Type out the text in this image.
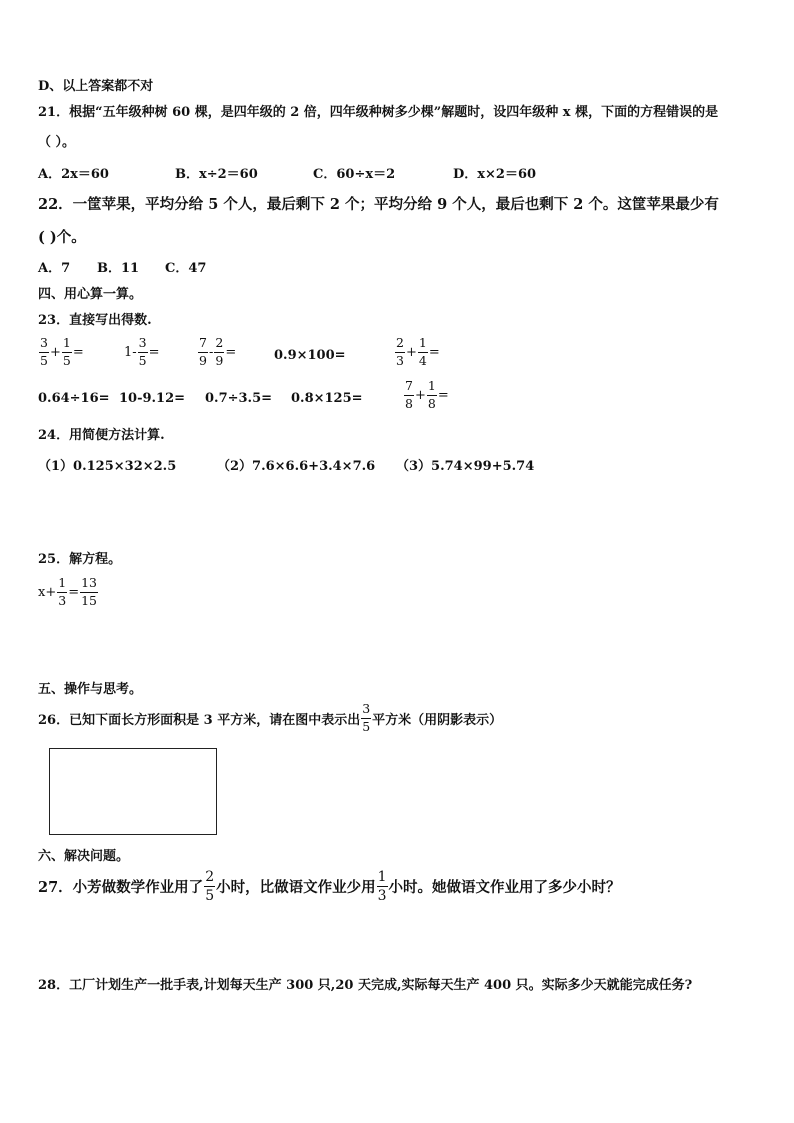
D、以上答案都不对
21．根据“五年级种树 60 棵，是四年级的 2 倍，四年级种树多少棵”解题时，设四年级种 x 棵，下面的方程错误的是
（ ）。
A．2x＝60	B．x÷2＝60	C．60÷x＝2	D．x×2＝60
22．一筐苹果，平均分给 5 个人，最后剩下 2 个；平均分给 9 个人，最后也剩下 2 个。这筐苹果最少有
( )个。
A．7 B．11 C．47
四、用心算一算。
23．直接写出得数.
$\frac{3}{5} + \frac{1}{5}$ =	$1- \frac{3}{5}$ =	$\frac{7}{9} - \frac{2}{9}$ =	0.9×100=	$\frac{2}{3} + \frac{1}{4}$ =
0.64÷16= 10-9.12= 0.7÷3.5= 0.8×125=	$\frac{7}{8} + \frac{1}{8}$ =
24．用简便方法计算.
（1）0.125×32×2.5	（2）7.6×6.6+3.4×7.6 （3）5.74×99+5.74
25．解方程。
$x+ \frac{1}{3} = \frac{13}{15}$
五、操作与思考。
26．已知下面长方形面积是 3 平方米，请在图中表示出 $\frac{3}{5}$ 平方米（用阴影表示）
六、解决问题。
27．小芳做数学作业用了 $\frac{2}{5}$ 小时，比做语文作业少用 $\frac{1}{3}$ 小时。她做语文作业用了多少小时？
28．工厂计划生产一批手表,计划每天生产 300 只,20 天完成,实际每天生产 400 只。实际多少天就能完成任务?
